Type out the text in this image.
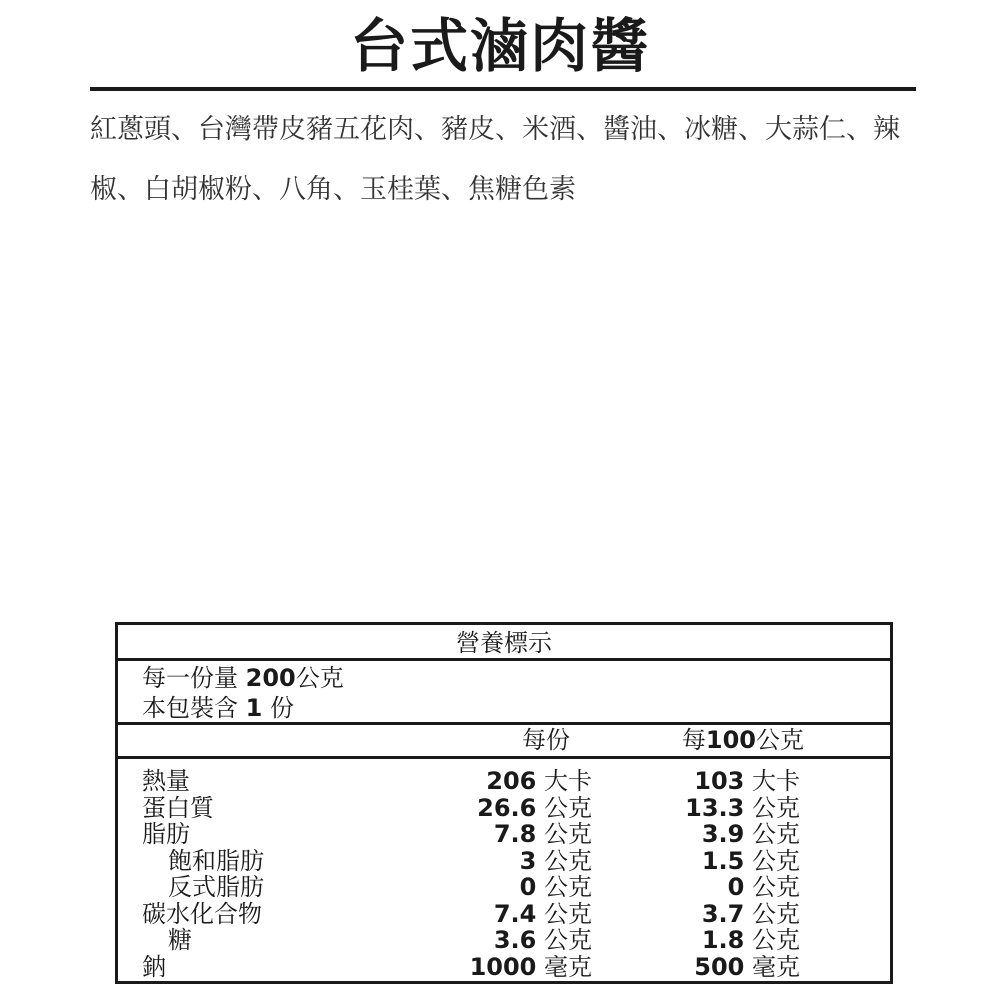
台式滷肉醬
紅蔥頭、台灣帶皮豬五花肉、豬皮、米酒、醬油、冰糖、大蒜仁、辣椒、白胡椒粉、八角、玉桂葉、焦糖色素
營養標示
每一份量 200公克
本包裝含 1 份
每份	每100公克
熱量	206 大卡	103 大卡
蛋白質	26.6 公克	13.3 公克
脂肪	7.8 公克	3.9 公克
飽和脂肪	3 公克	1.5 公克
反式脂肪	0 公克	0 公克
碳水化合物	7.4 公克	3.7 公克
糖	3.6 公克	1.8 公克
鈉	1000 毫克	500 毫克
